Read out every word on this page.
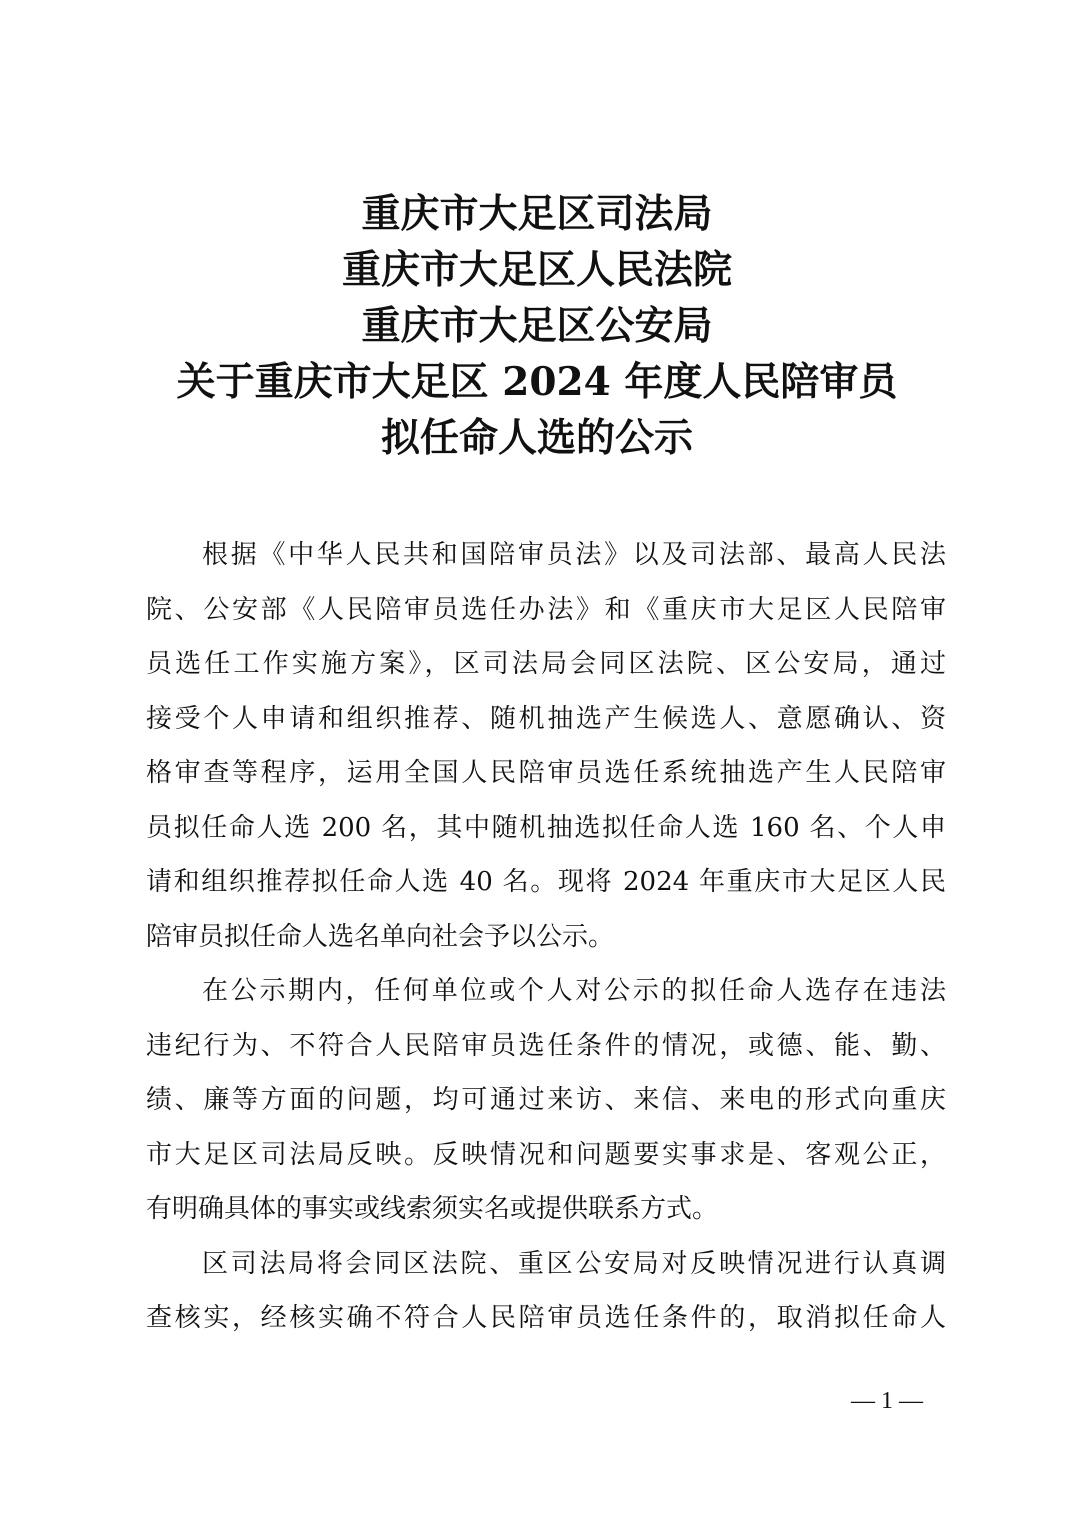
重庆市大足区司法局
重庆市大足区人民法院
重庆市大足区公安局
关于重庆市大足区 2024 年度人民陪审员
拟任命人选的公示
根据《中华人民共和国陪审员法》以及司法部、最高人民法
院、公安部《人民陪审员选任办法》和《重庆市大足区人民陪审
员选任工作实施方案》，区司法局会同区法院、区公安局，通过
接受个人申请和组织推荐、随机抽选产生候选人、意愿确认、资
格审查等程序，运用全国人民陪审员选任系统抽选产生人民陪审
员拟任命人选 200 名，其中随机抽选拟任命人选 160 名、个人申
请和组织推荐拟任命人选 40 名。现将 2024 年重庆市大足区人民
陪审员拟任命人选名单向社会予以公示。
在公示期内，任何单位或个人对公示的拟任命人选存在违法
违纪行为、不符合人民陪审员选任条件的情况，或德、能、勤、
绩、廉等方面的问题，均可通过来访、来信、来电的形式向重庆
市大足区司法局反映。反映情况和问题要实事求是、客观公正，
有明确具体的事实或线索须实名或提供联系方式。
区司法局将会同区法院、重区公安局对反映情况进行认真调
查核实，经核实确不符合人民陪审员选任条件的，取消拟任命人
— 1 —
